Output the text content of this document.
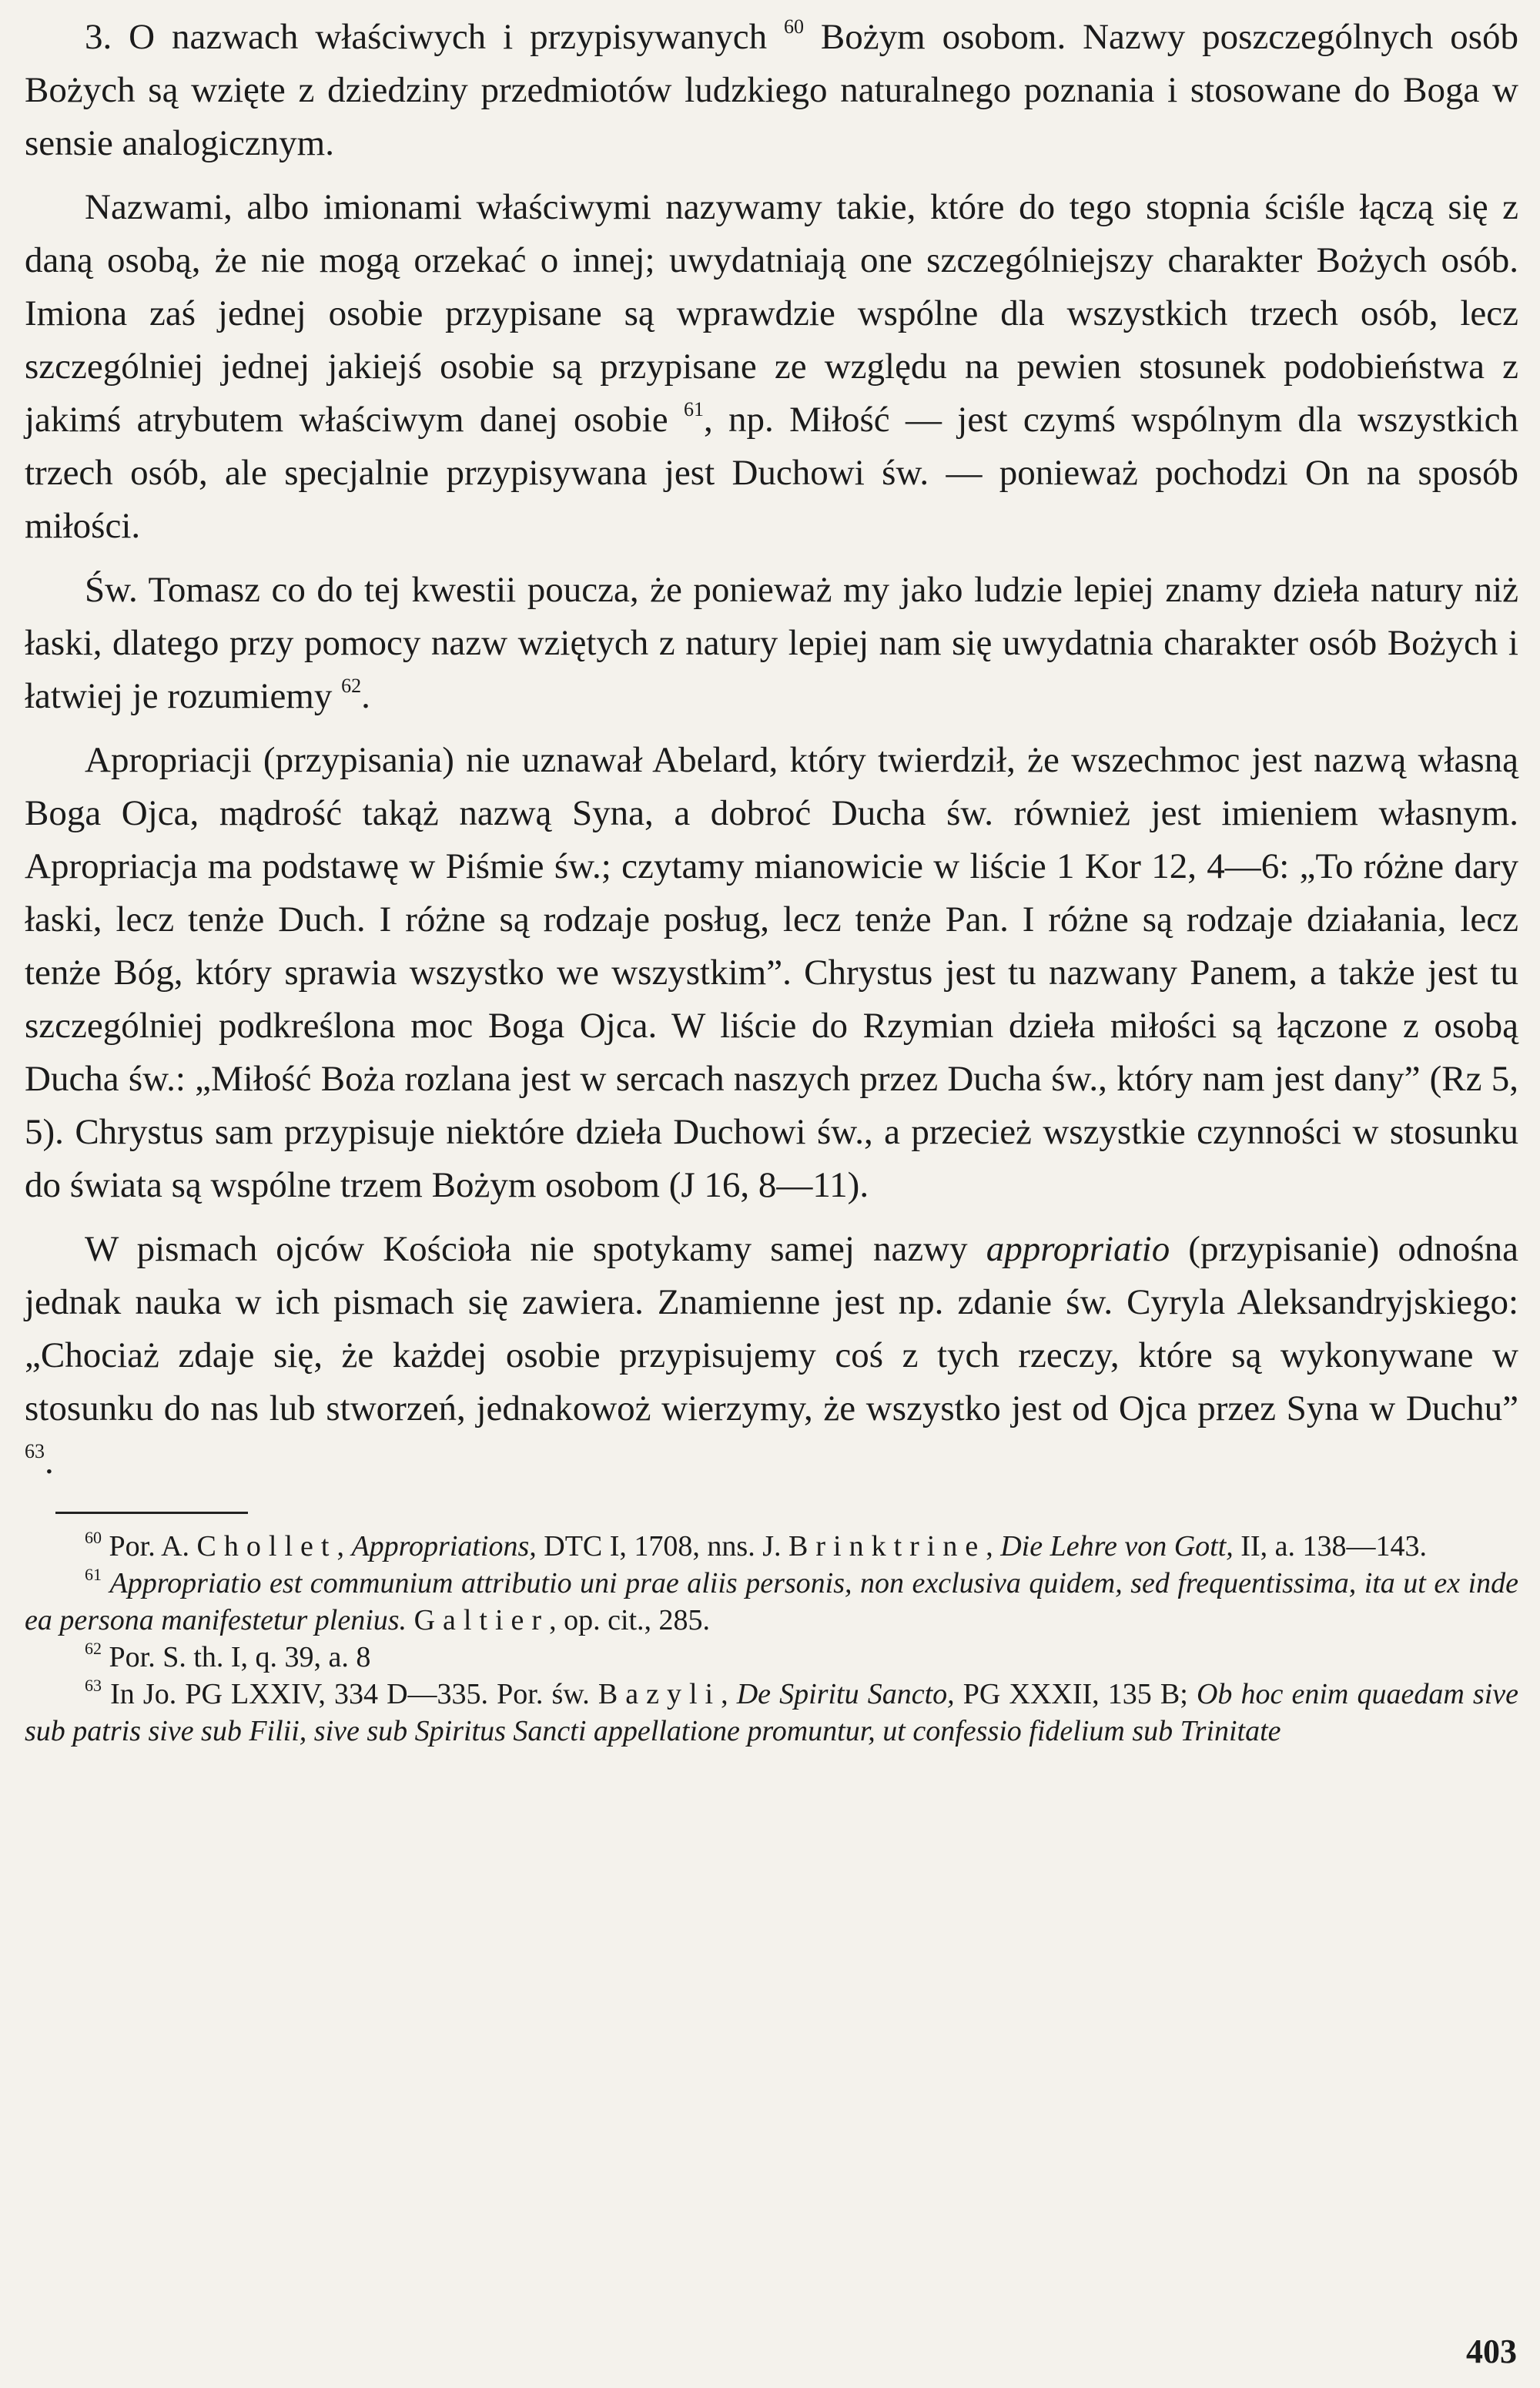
3. O nazwach właściwych i przypisywanych $^{60}$ Bożym osobom. Nazwy poszczególnych osób Bożych są wzięte z dziedziny przedmiotów ludzkiego naturalnego poznania i stosowane do Boga w sensie analogicznym.

Nazwami, albo imionami właściwymi nazywamy takie, które do tego stopnia ściśle łączą się z daną osobą, że nie mogą orzekać o innej; uwydatniają one szczególniejszy charakter Bożych osób. Imiona zaś jednej osobie przypisane są wprawdzie wspólne dla wszystkich trzech osób, lecz szczególniej jednej jakiejś osobie są przypisane ze względu na pewien stosunek podobieństwa z jakimś atrybutem właściwym danej osobie $^{61}$, np. Miłość — jest czymś wspólnym dla wszystkich trzech osób, ale specjalnie przypisywana jest Duchowi św. — ponieważ pochodzi On na sposób miłości.

Św. Tomasz co do tej kwestii poucza, że ponieważ my jako ludzie lepiej znamy dzieła natury niż łaski, dlatego przy pomocy nazw wziętych z natury lepiej nam się uwydatnia charakter osób Bożych i łatwiej je rozumiemy $^{62}$.

Apropriacji (przypisania) nie uznawał Abelard, który twierdził, że wszechmoc jest nazwą własną Boga Ojca, mądrość takąż nazwą Syna, a dobroć Ducha św. również jest imieniem własnym. Apropriacja ma podstawę w Piśmie św.; czytamy mianowicie w liście 1 Kor 12, 4—6: „To różne dary łaski, lecz tenże Duch. I różne są rodzaje posług, lecz tenże Pan. I różne są rodzaje działania, lecz tenże Bóg, który sprawia wszystko we wszystkim”. Chrystus jest tu nazwany Panem, a także jest tu szczególniej podkreślona moc Boga Ojca. W liście do Rzymian dzieła miłości są łączone z osobą Ducha św.: „Miłość Boża rozlana jest w sercach naszych przez Ducha św., który nam jest dany” (Rz 5, 5). Chrystus sam przypisuje niektóre dzieła Duchowi św., a przecież wszystkie czynności w stosunku do świata są wspólne trzem Bożym osobom (J 16, 8—11).

W pismach ojców Kościoła nie spotykamy samej nazwy appropriatio (przypisanie) odnośna jednak nauka w ich pismach się zawiera. Znamienne jest np. zdanie św. Cyryla Aleksandryjskiego: „Chociaż zdaje się, że każdej osobie przypisujemy coś z tych rzeczy, które są wykonywane w stosunku do nas lub stworzeń, jednakowoż wierzymy, że wszystko jest od Ojca przez Syna w Duchu” $^{63}$.

$^{60}$ Por. A. Chollet, Appropriations, DTC I, 1708, nns. J. Brinktrine, Die Lehre von Gott, II, a. 138—143.

$^{61}$ Appropriatio est communium attributio uni prae aliis personis, non exclusiva quidem, sed frequentissima, ita ut ex inde ea persona manifestetur plenius. Galtier, op. cit., 285.

$^{62}$ Por. S. th. I, q. 39, a. 8

$^{63}$ In Jo. PG LXXIV, 334 D—335. Por. św. Bazyli, De Spiritu Sancto, PG XXXII, 135 B; Ob hoc enim quaedam sive sub patris sive sub Filii, sive sub Spiritus Sancti appellatione promuntur, ut confessio fidelium sub Trinitate

403
